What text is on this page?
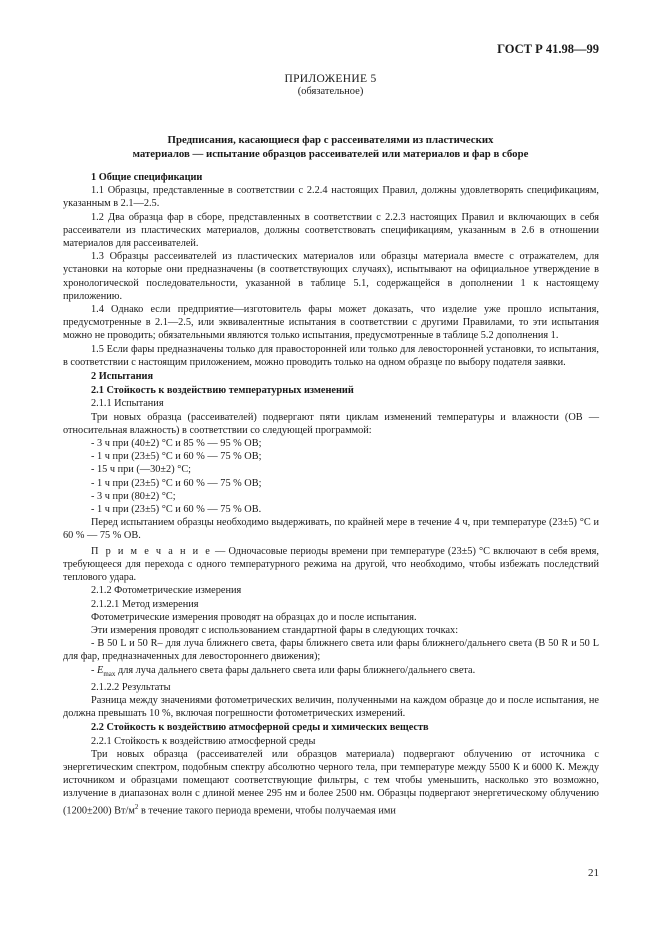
ГОСТ Р 41.98—99
ПРИЛОЖЕНИЕ 5
(обязательное)
Предписания, касающиеся фар с рассеивателями из пластических
материалов — испытание образцов рассеивателей или материалов и фар в сборе

1 Общие спецификации

1.1 Образцы, представленные в соответствии с 2.2.4 настоящих Правил, должны удовлетворять спецификациям, указанным в 2.1—2.5.

1.2 Два образца фар в сборе, представленных в соответствии с 2.2.3 настоящих Правил и включающих в себя рассеиватели из пластических материалов, должны соответствовать спецификациям, указанным в 2.6 в отношении материалов для рассеивателей.

1.3 Образцы рассеивателей из пластических материалов или образцы материала вместе с отражателем, для установки на которые они предназначены (в соответствующих случаях), испытывают на официальное утверждение в хронологической последовательности, указанной в таблице 5.1, содержащейся в дополнении 1 к настоящему приложению.

1.4 Однако если предприятие—изготовитель фары может доказать, что изделие уже прошло испытания, предусмотренные в 2.1—2.5, или эквивалентные испытания в соответствии с другими Правилами, то эти испытания можно не проводить; обязательными являются только испытания, предусмотренные в таблице 5.2 дополнения 1.

1.5 Если фары предназначены только для правосторонней или только для левосторонней установки, то испытания, в соответствии с настоящим приложением, можно проводить только на одном образце по выбору подателя заявки.

2 Испытания

2.1 Стойкость к воздействию температурных изменений

2.1.1 Испытания

Три новых образца (рассеивателей) подвергают пяти циклам изменений температуры и влажности (ОВ — относительная влажность) в соответствии со следующей программой:

- 3 ч при (40±2) °С и 85 % — 95 % ОВ;

- 1 ч при (23±5) °С и 60 % — 75 % ОВ;

- 15 ч при (—30±2) °С;

- 1 ч при (23±5) °С и 60 % — 75 % ОВ;

- 3 ч при (80±2) °С;

- 1 ч при (23±5) °С и 60 % — 75 % ОВ.

Перед испытанием образцы необходимо выдерживать, по крайней мере в течение 4 ч, при температуре (23±5) °С и 60 % — 75 % ОВ.

П р и м е ч а н и е — Одночасовые периоды времени при температуре (23±5) °С включают в себя время, требующееся для перехода с одного температурного режима на другой, что необходимо, чтобы избежать последствий теплового удара.

2.1.2 Фотометрические измерения

2.1.2.1 Метод измерения

Фотометрические измерения проводят на образцах до и после испытания.

Эти измерения проводят с использованием стандартной фары в следующих точках:

- В 50 L и 50 R– для луча ближнего света, фары ближнего света или фары ближнего/дальнего света (В 50 R и 50 L для фар, предназначенных для левостороннего движения);

- $E_{max}$ для луча дальнего света фары дальнего света или фары ближнего/дальнего света.

2.1.2.2 Результаты

Разница между значениями фотометрических величин, полученными на каждом образце до и после испытания, не должна превышать 10 %, включая погрешности фотометрических измерений.

2.2 Стойкость к воздействию атмосферной среды и химических веществ

2.2.1 Стойкость к воздействию атмосферной среды

Три новых образца (рассеивателей или образцов материала) подвергают облучению от источника с энергетическим спектром, подобным спектру абсолютно черного тела, при температуре между 5500 К и 6000 К. Между источником и образцами помещают соответствующие фильтры, с тем чтобы уменьшить, насколько это возможно, излучение в диапазонах волн с длиной менее 295 нм и более 2500 нм. Образцы подвергают энергетическому облучению (1200±200) $Вт/м^2$ в течение такого периода времени, чтобы получаемая ими

21
